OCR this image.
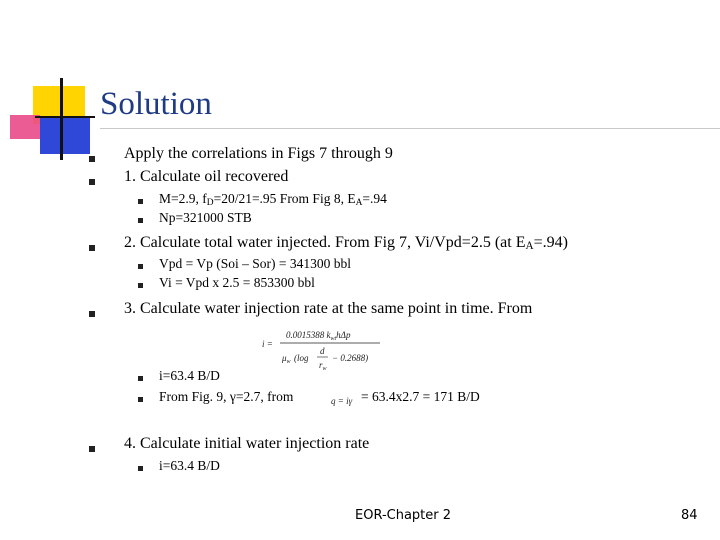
Solution
Apply the correlations in Figs 7 through 9
1. Calculate oil recovered
M=2.9, $f_D=20/21=.95$ From Fig 8, $E_A=.94$
Np=321000 STB
2. Calculate total water injected. From Fig 7, Vi/Vpd=2.5 (at $E_A=.94$)
Vpd = Vp (Soi – Sor) = 341300 bbl
Vi = Vpd x 2.5 = 853300 bbl
3. Calculate water injection rate at the same point in time. From
i =
0.0015388 $k_{wt}h\Delta p$
$\mu_w$ (log
d
$r_w$
− 0.2688)
i=63.4 B/D
From Fig. 9, γ=2.7, from	q = iγ = 63.4x2.7 = 171 B/D
4. Calculate initial water injection rate
i=63.4 B/D
EOR-Chapter 2	84
